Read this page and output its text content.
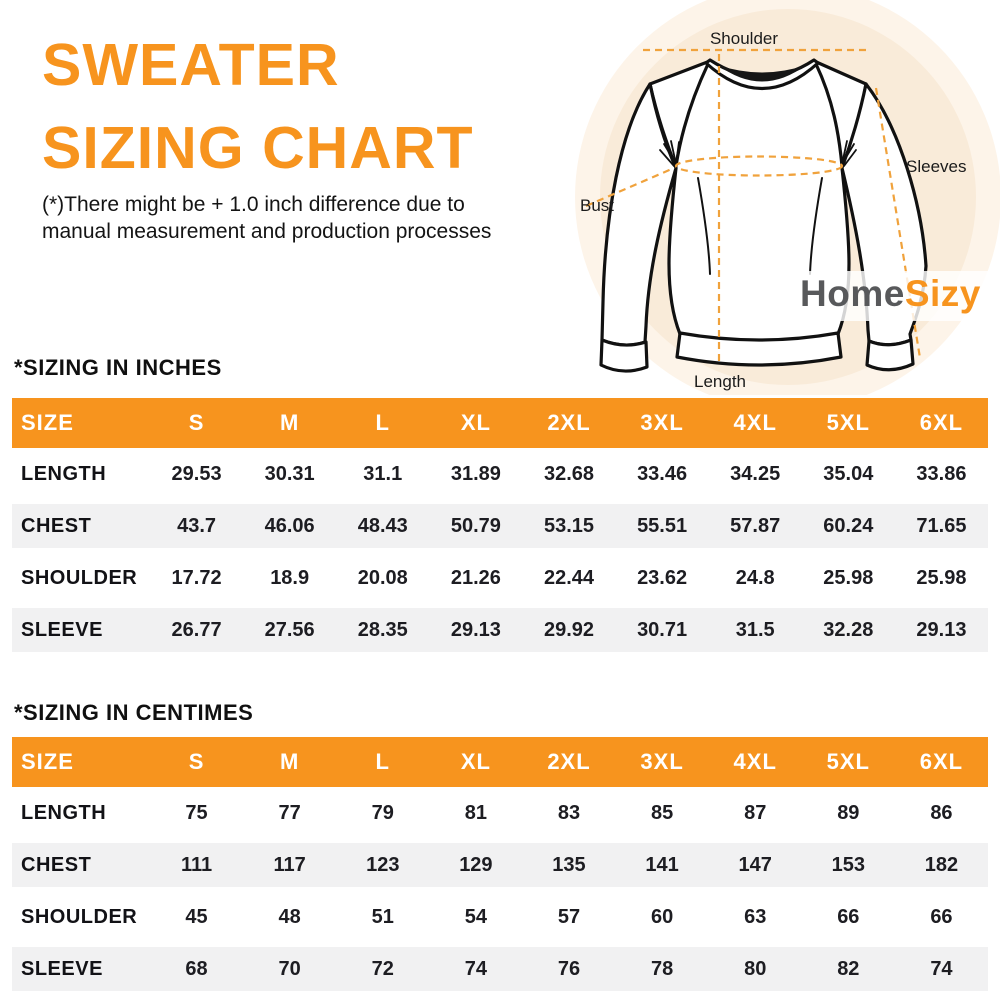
Shoulder
Sleeves
Bust
Length
HomeSizy
SWEATER
SIZING CHART
(*)There might be + 1.0 inch difference due to
manual measurement and production processes
*SIZING IN INCHES
*SIZING IN CENTIMES
SIZE	S	M	L	XL	2XL	3XL	4XL	5XL	6XL
LENGTH	29.53	30.31	31.1	31.89	32.68	33.46	34.25	35.04	33.86
CHEST	43.7	46.06	48.43	50.79	53.15	55.51	57.87	60.24	71.65
SHOULDER	17.72	18.9	20.08	21.26	22.44	23.62	24.8	25.98	25.98
SLEEVE	26.77	27.56	28.35	29.13	29.92	30.71	31.5	32.28	29.13
SIZE	S	M	L	XL	2XL	3XL	4XL	5XL	6XL
LENGTH	75	77	79	81	83	85	87	89	86
CHEST	111	117	123	129	135	141	147	153	182
SHOULDER	45	48	51	54	57	60	63	66	66
SLEEVE	68	70	72	74	76	78	80	82	74
